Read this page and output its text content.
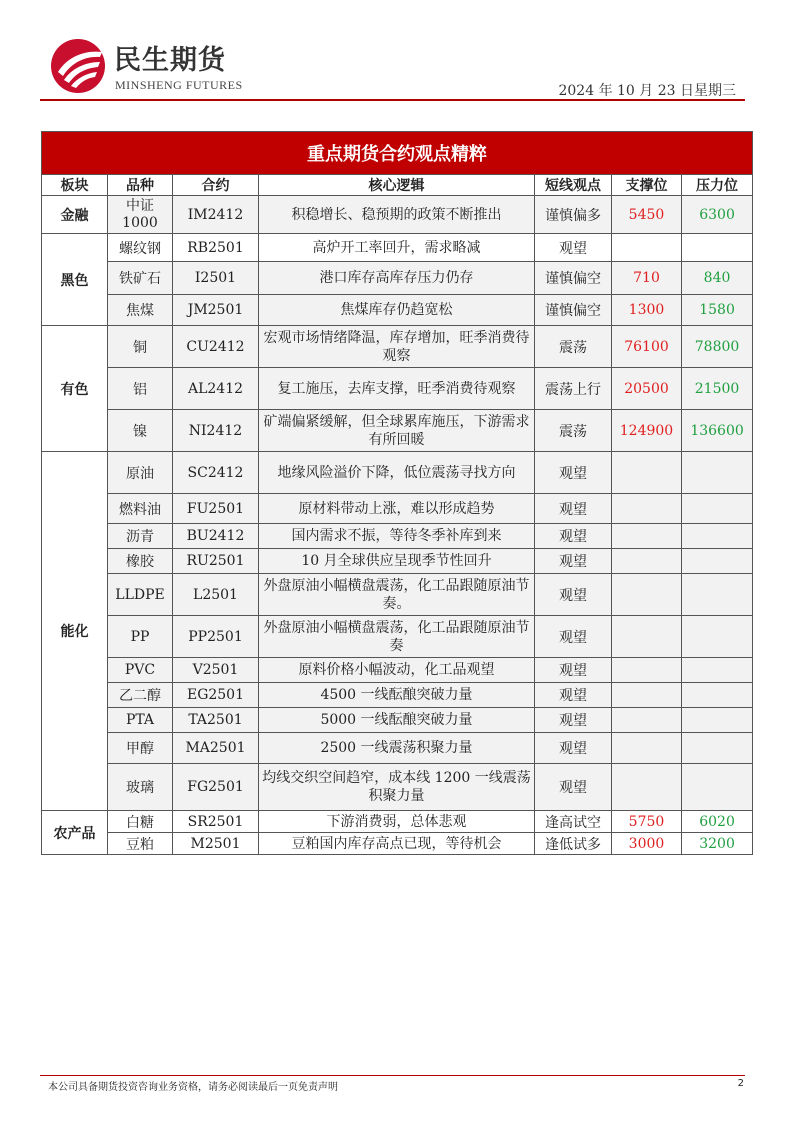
民生期货
MINSHENG FUTURES	2024 年 10 月 23 日星期三
重点期货合约观点精粹						
板块	品种	合约	核心逻辑	短线观点	支撑位	压力位
金融	中证1000	IM2412	积稳增长、稳预期的政策不断推出	谨慎偏多	5450	6300
黑色	螺纹钢	RB2501	高炉开工率回升，需求略减	观望		
	铁矿石	I2501	港口库存高库存压力仍存	谨慎偏空	710	840
	焦煤	JM2501	焦煤库存仍趋宽松	谨慎偏空	1300	1580
有色	铜	CU2412	宏观市场情绪降温，库存增加，旺季消费待观察	震荡	76100	78800
	铝	AL2412	复工施压，去库支撑，旺季消费待观察	震荡上行	20500	21500
	镍	NI2412	矿端偏紧缓解，但全球累库施压，下游需求有所回暖	震荡	124900	136600
能化	原油	SC2412	地缘风险溢价下降，低位震荡寻找方向	观望		
	燃料油	FU2501	原材料带动上涨，难以形成趋势	观望		
	沥青	BU2412	国内需求不振，等待冬季补库到来	观望		
	橡胶	RU2501	10 月全球供应呈现季节性回升	观望		
	LLDPE	L2501	外盘原油小幅横盘震荡，化工品跟随原油节奏。	观望		
	PP	PP2501	外盘原油小幅横盘震荡，化工品跟随原油节奏	观望		
	PVC	V2501	原料价格小幅波动，化工品观望	观望		
	乙二醇	EG2501	4500 一线酝酿突破力量	观望		
	PTA	TA2501	5000 一线酝酿突破力量	观望		
	甲醇	MA2501	2500 一线震荡积聚力量	观望		
	玻璃	FG2501	均线交织空间趋窄，成本线 1200 一线震荡积聚力量	观望		
农产品	白糖	SR2501	下游消费弱，总体悲观	逢高试空	5750	6020
	豆粕	M2501	豆粕国内库存高点已现，等待机会	逢低试多	3000	3200
本公司具备期货投资咨询业务资格，请务必阅读最后一页免责声明	2
